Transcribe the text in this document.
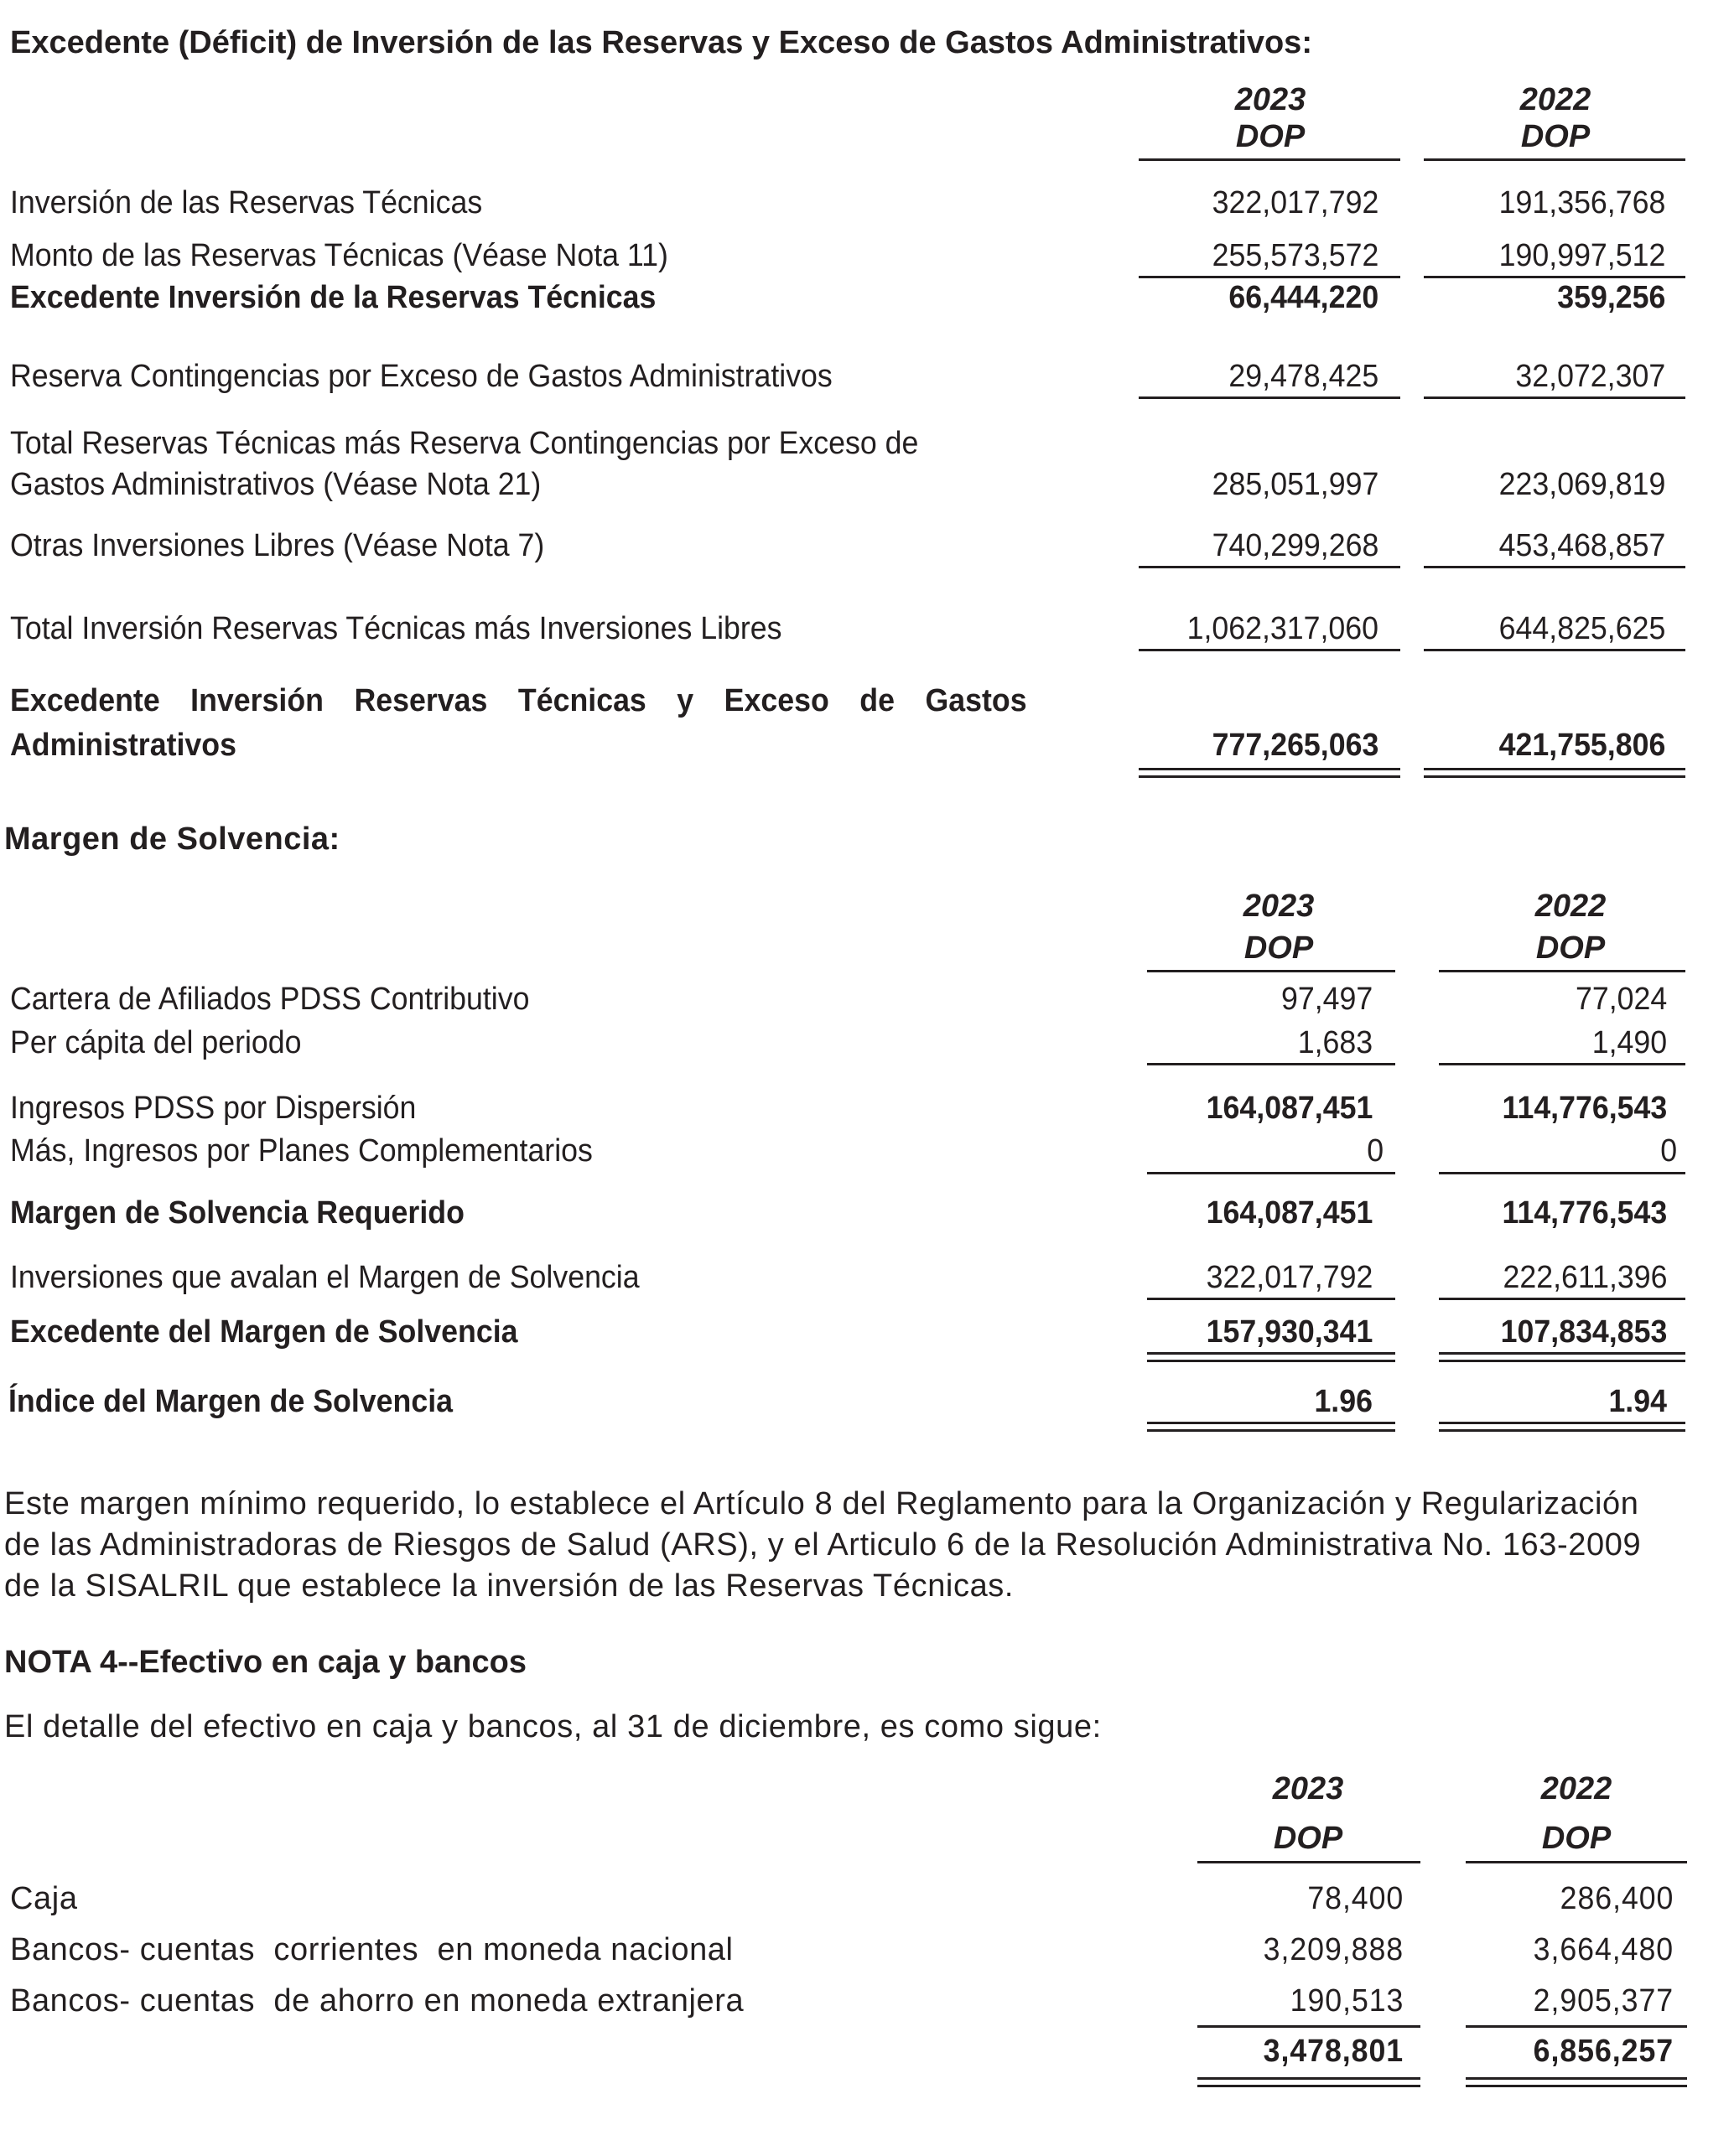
Excedente (Déficit) de Inversión de las Reservas y Exceso de Gastos Administrativos:
2023
DOP
2022
DOP
Inversión de las Reservas Técnicas	322,017,792	191,356,768
Monto de las Reservas Técnicas (Véase Nota 11)	255,573,572	190,997,512
Excedente Inversión de la Reservas Técnicas	66,444,220	359,256
Reserva Contingencias por Exceso de Gastos Administrativos	29,478,425	32,072,307
Total Reservas Técnicas más Reserva Contingencias por Exceso de
Gastos Administrativos (Véase Nota 21)	285,051,997	223,069,819
Otras Inversiones Libres (Véase Nota 7)	740,299,268	453,468,857
Total Inversión Reservas Técnicas más Inversiones Libres	1,062,317,060	644,825,625
Excedente Inversión Reservas Técnicas y Exceso de Gastos
Administrativos	777,265,063	421,755,806
Margen de Solvencia:
2023
DOP
2022
DOP
Cartera de Afiliados PDSS Contributivo	97,497	77,024
Per cápita del periodo	1,683	1,490
Ingresos PDSS por Dispersión	164,087,451	114,776,543
Más, Ingresos por Planes Complementarios	0	0
Margen de Solvencia Requerido	164,087,451	114,776,543
Inversiones que avalan el Margen de Solvencia	322,017,792	222,611,396
Excedente del Margen de Solvencia	157,930,341	107,834,853
Índice del Margen de Solvencia	1.96	1.94
Este margen mínimo requerido, lo establece el Artículo 8 del Reglamento para la Organización y Regularización
de las Administradoras de Riesgos de Salud (ARS), y el Articulo 6 de la Resolución Administrativa No. 163-2009
de la SISALRIL que establece la inversión de las Reservas Técnicas.
NOTA 4--Efectivo en caja y bancos
El detalle del efectivo en caja y bancos, al 31 de diciembre, es como sigue:
2023
DOP
2022
DOP
Caja	78,400	286,400
Bancos- cuentas  corrientes  en moneda nacional	3,209,888	3,664,480
Bancos- cuentas  de ahorro en moneda extranjera	190,513	2,905,377
3,478,801	6,856,257
